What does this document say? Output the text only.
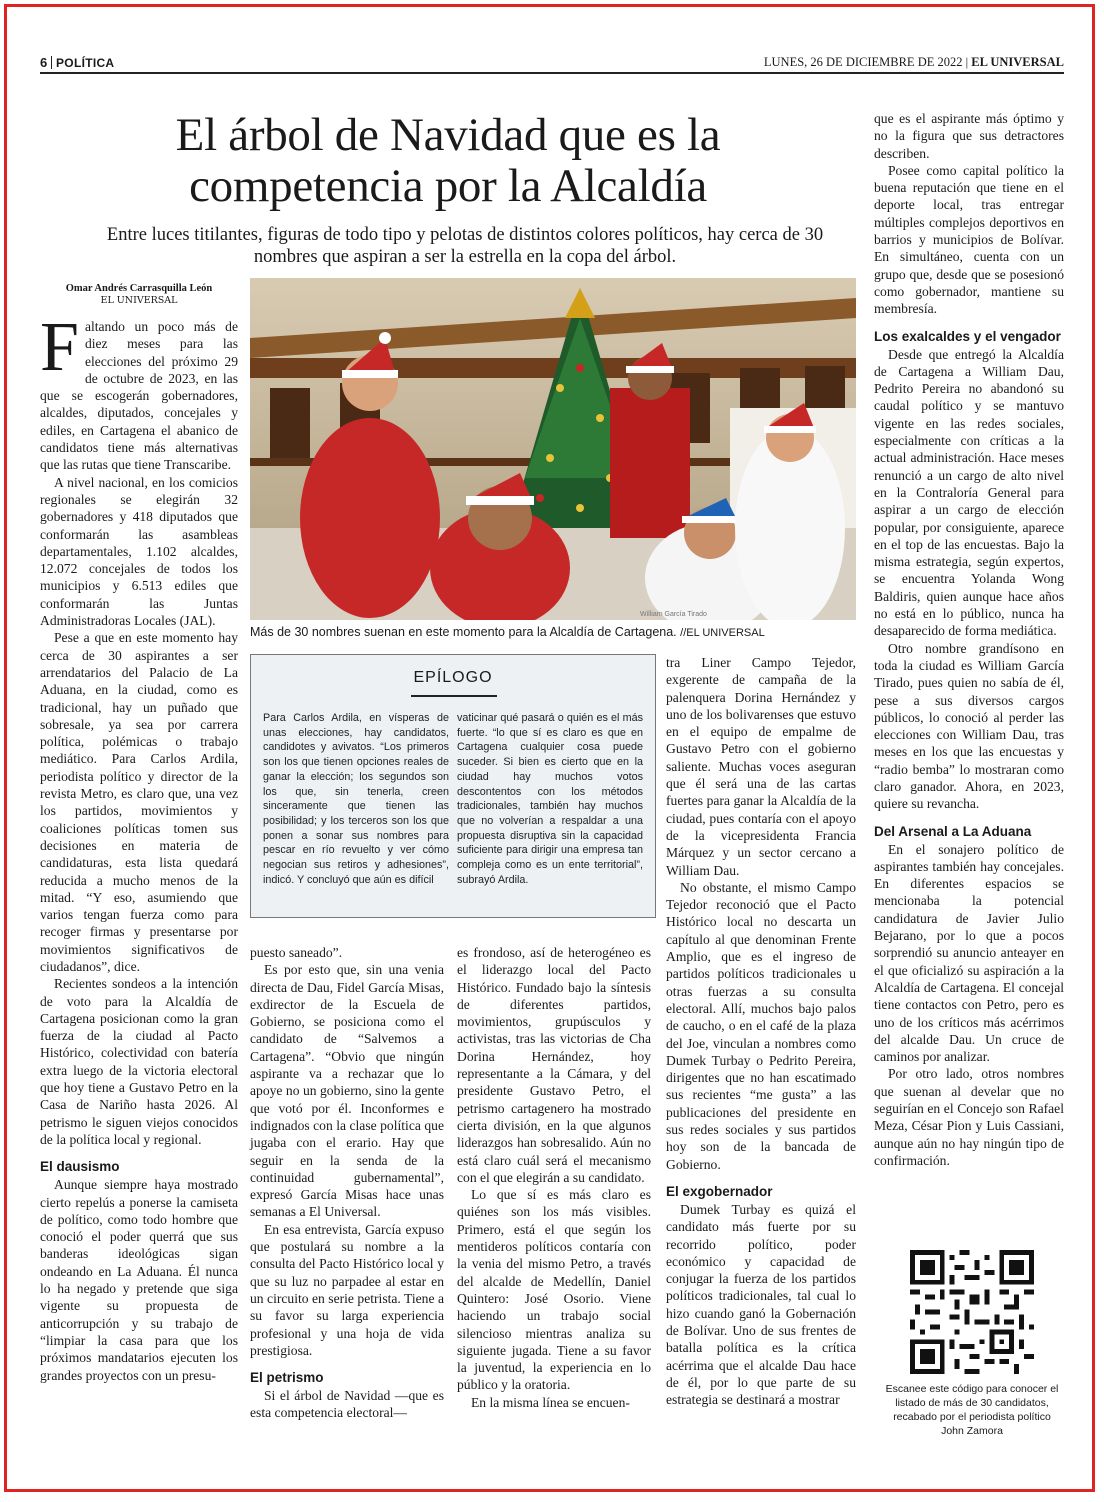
6 POLÍTICA	LUNES, 26 DE DICIEMBRE DE 2022 | EL UNIVERSAL
El árbol de Navidad que es la competencia por la Alcaldía
Entre luces titilantes, figuras de todo tipo y pelotas de distintos colores políticos, hay cerca de 30 nombres que aspiran a ser la estrella en la copa del árbol.
Omar Andrés Carrasquilla León
EL UNIVERSAL

Faltando un poco más de diez meses para las elecciones del próximo 29 de octubre de 2023, en las que se escogerán gobernadores, alcaldes, diputados, concejales y ediles, en Cartagena el abanico de candidatos tiene más alternativas que las rutas que tiene Transcaribe.

A nivel nacional, en los comicios regionales se elegirán 32 gobernadores y 418 diputados que conformarán las asambleas departamentales, 1.102 alcaldes, 12.072 concejales de todos los municipios y 6.513 ediles que conformarán las Juntas Administradoras Locales (JAL).

Pese a que en este momento hay cerca de 30 aspirantes a ser arrendatarios del Palacio de La Aduana, en la ciudad, como es tradicional, hay un puñado que sobresale, ya sea por carrera política, polémicas o trabajo mediático. Para Carlos Ardila, periodista político y director de la revista Metro, es claro que, una vez los partidos, movimientos y coaliciones políticas tomen sus decisiones en materia de candidaturas, esta lista quedará reducida a mucho menos de la mitad. “Y eso, asumiendo que varios tengan fuerza como para recoger firmas y presentarse por movimientos significativos de ciudadanos”, dice.

Recientes sondeos a la intención de voto para la Alcaldía de Cartagena posicionan como la gran fuerza de la ciudad al Pacto Histórico, colectividad con batería extra luego de la victoria electoral que hoy tiene a Gustavo Petro en la Casa de Nariño hasta 2026. Al petrismo le siguen viejos conocidos de la política local y regional.

El dausismo

Aunque siempre haya mostrado cierto repelús a ponerse la camiseta de político, como todo hombre que conoció el poder querrá que sus banderas ideológicas sigan ondeando en La Aduana. Él nunca lo ha negado y pretende que siga vigente su propuesta de anticorrupción y su trabajo de “limpiar la casa para que los próximos mandatarios ejecuten los grandes proyectos con un presu-

William García Tirado
Más de 30 nombres suenan en este momento para la Alcaldía de Cartagena. //EL UNIVERSAL
EPÍLOGO
Para Carlos Ardila, en vísperas de unas elecciones, hay candidatos, candidotes y avivatos. “Los primeros son los que tienen opciones reales de ganar la elección; los segundos son los que, sin tenerla, creen sinceramente que tienen las posibilidad; y los terceros son los que ponen a sonar sus nombres para pescar en río revuelto y ver cómo negocian sus retiros y adhesiones”, indicó. Y concluyó que aún es difícil
vaticinar qué pasará o quién es el más fuerte. “lo que sí es claro es que en Cartagena cualquier cosa puede suceder. Si bien es cierto que en la ciudad hay muchos votos descontentos con los métodos tradicionales, también hay muchos que no volverían a respaldar a una propuesta disruptiva sin la capacidad suficiente para dirigir una empresa tan compleja como es un ente territorial”, subrayó Ardila.

puesto saneado”.

Es por esto que, sin una venia directa de Dau, Fidel García Misas, exdirector de la Escuela de Gobierno, se posiciona como el candidato de “Salvemos a Cartagena”. “Obvio que ningún aspirante va a rechazar que lo apoye no un gobierno, sino la gente que votó por él. Inconformes e indignados con la clase política que jugaba con el erario. Hay que seguir en la senda de la continuidad gubernamental”, expresó García Misas hace unas semanas a El Universal.

En esa entrevista, García expuso que postulará su nombre a la consulta del Pacto Histórico local y que su luz no parpadee al estar en un circuito en serie petrista. Tiene a su favor su larga experiencia profesional y una hoja de vida prestigiosa.

El petrismo

Si el árbol de Navidad —que es esta competencia electoral—

es frondoso, así de heterogéneo es el liderazgo local del Pacto Histórico. Fundado bajo la síntesis de diferentes partidos, movimientos, grupúsculos y activistas, tras las victorias de Cha Dorina Hernández, hoy representante a la Cámara, y del presidente Gustavo Petro, el petrismo cartagenero ha mostrado cierta división, en la que algunos liderazgos han sobresalido. Aún no está claro cuál será el mecanismo con el que elegirán a su candidato.

Lo que sí es más claro es quiénes son los más visibles. Primero, está el que según los mentideros políticos contaría con la venia del mismo Petro, a través del alcalde de Medellín, Daniel Quintero: José Osorio. Viene haciendo un trabajo social silencioso mientras analiza su siguiente jugada. Tiene a su favor la juventud, la experiencia en lo público y la oratoria.

En la misma línea se encuen-

tra Liner Campo Tejedor, exgerente de campaña de la palenquera Dorina Hernández y uno de los bolivarenses que estuvo en el equipo de empalme de Gustavo Petro con el gobierno saliente. Muchas voces aseguran que él será una de las cartas fuertes para ganar la Alcaldía de la ciudad, pues contaría con el apoyo de la vicepresidenta Francia Márquez y un sector cercano a William Dau.

No obstante, el mismo Campo Tejedor reconoció que el Pacto Histórico local no descarta un capítulo al que denominan Frente Amplio, que es el ingreso de partidos políticos tradicionales u otras fuerzas a su consulta electoral. Allí, muchos bajo palos de caucho, o en el café de la plaza del Joe, vinculan a nombres como Dumek Turbay o Pedrito Pereira, dirigentes que no han escatimado sus recientes “me gusta” a las publicaciones del presidente en sus redes sociales y sus partidos hoy son de la bancada de Gobierno.

El exgobernador

Dumek Turbay es quizá el candidato más fuerte por su recorrido político, poder económico y capacidad de conjugar la fuerza de los partidos políticos tradicionales, tal cual lo hizo cuando ganó la Gobernación de Bolívar. Uno de sus frentes de batalla política es la crítica acérrima que el alcalde Dau hace de él, por lo que parte de su estrategia se destinará a mostrar

que es el aspirante más óptimo y no la figura que sus detractores describen.

Posee como capital político la buena reputación que tiene en el deporte local, tras entregar múltiples complejos deportivos en barrios y municipios de Bolívar. En simultáneo, cuenta con un grupo que, desde que se posesionó como gobernador, mantiene su membresía.

Los exalcaldes y el vengador

Desde que entregó la Alcaldía de Cartagena a William Dau, Pedrito Pereira no abandonó su caudal político y se mantuvo vigente en las redes sociales, especialmente con críticas a la actual administración. Hace meses renunció a un cargo de alto nivel en la Contraloría General para aspirar a un cargo de elección popular, por consiguiente, aparece en el top de las encuestas. Bajo la misma estrategia, según expertos, se encuentra Yolanda Wong Baldiris, quien aunque hace años no está en lo público, nunca ha desaparecido de forma mediática.

Otro nombre grandísono en toda la ciudad es William García Tirado, pues quien no sabía de él, pese a sus diversos cargos públicos, lo conoció al perder las elecciones con William Dau, tras meses en los que las encuestas y “radio bemba” lo mostraran como claro ganador. Ahora, en 2023, quiere su revancha.

Del Arsenal a La Aduana

En el sonajero político de aspirantes también hay concejales. En diferentes espacios se mencionaba la potencial candidatura de Javier Julio Bejarano, por lo que a pocos sorprendió su anuncio anteayer en el que oficializó su aspiración a la Alcaldía de Cartagena. El concejal tiene contactos con Petro, pero es uno de los críticos más acérrimos del alcalde Dau. Un cruce de caminos por analizar.

Por otro lado, otros nombres que suenan al develar que no seguirían en el Concejo son Rafael Meza, César Pion y Luis Cassiani, aunque aún no hay ningún tipo de confirmación.

Escanee este código para conocer el listado de más de 30 candidatos, recabado por el periodista político John Zamora
